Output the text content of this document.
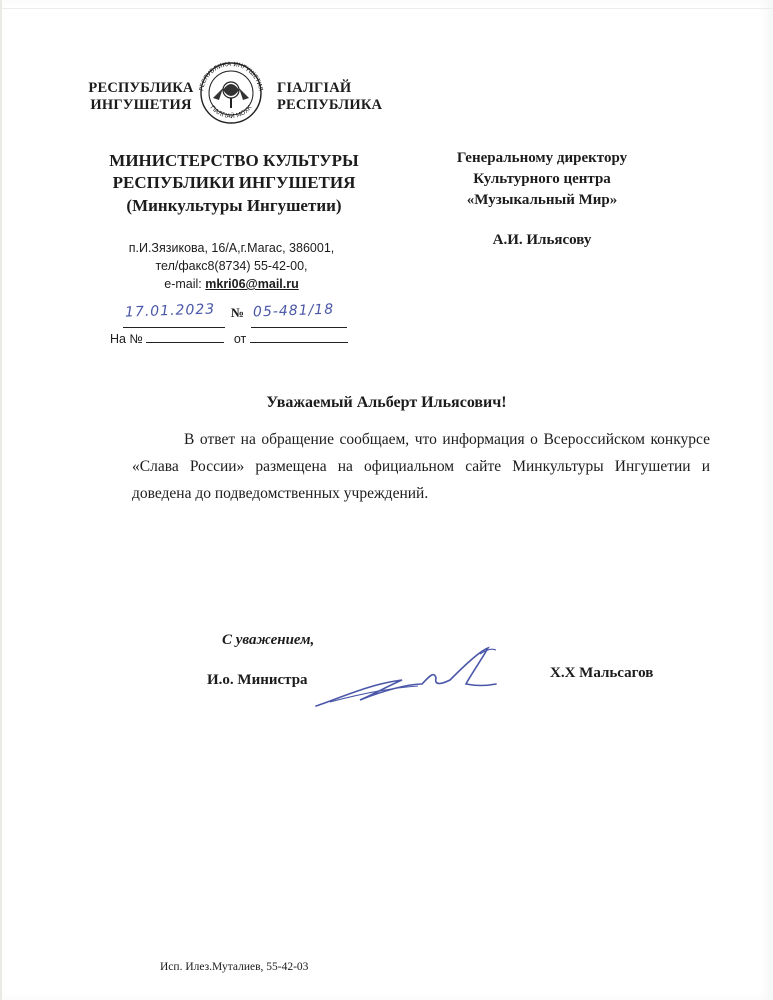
РЕСПУБЛИКА
ИНГУШЕТИЯ
РЕСПУБЛИКА ИНГУШЕТИЯ
ГIАЛГIАЙ МОХК
ГIАЛГIАЙ
РЕСПУБЛИКА
МИНИСТЕРСТВО КУЛЬТУРЫ
РЕСПУБЛИКИ ИНГУШЕТИЯ
(Минкультуры Ингушетии)
п.И.Зязикова, 16/А,г.Магас, 386001,
тел/факс8(8734) 55-42-00,
e-mail: mkri06@mail.ru
17.01.2023 № 05-481/18
На №	от
Генеральному директору
Культурного центра
«Музыкальный Мир»
А.И. Ильясову
Уважаемый Альберт Ильясович!

В ответ на обращение сообщаем, что информация о Всероссийском конкурсе «Слава России» размещена на официальном сайте Минкультуры Ингушетии и доведена до подведомственных учреждений.

С уважением,
И.о. Министра	Х.Х Мальсагов
Исп. Илез.Муталиев, 55-42-03
